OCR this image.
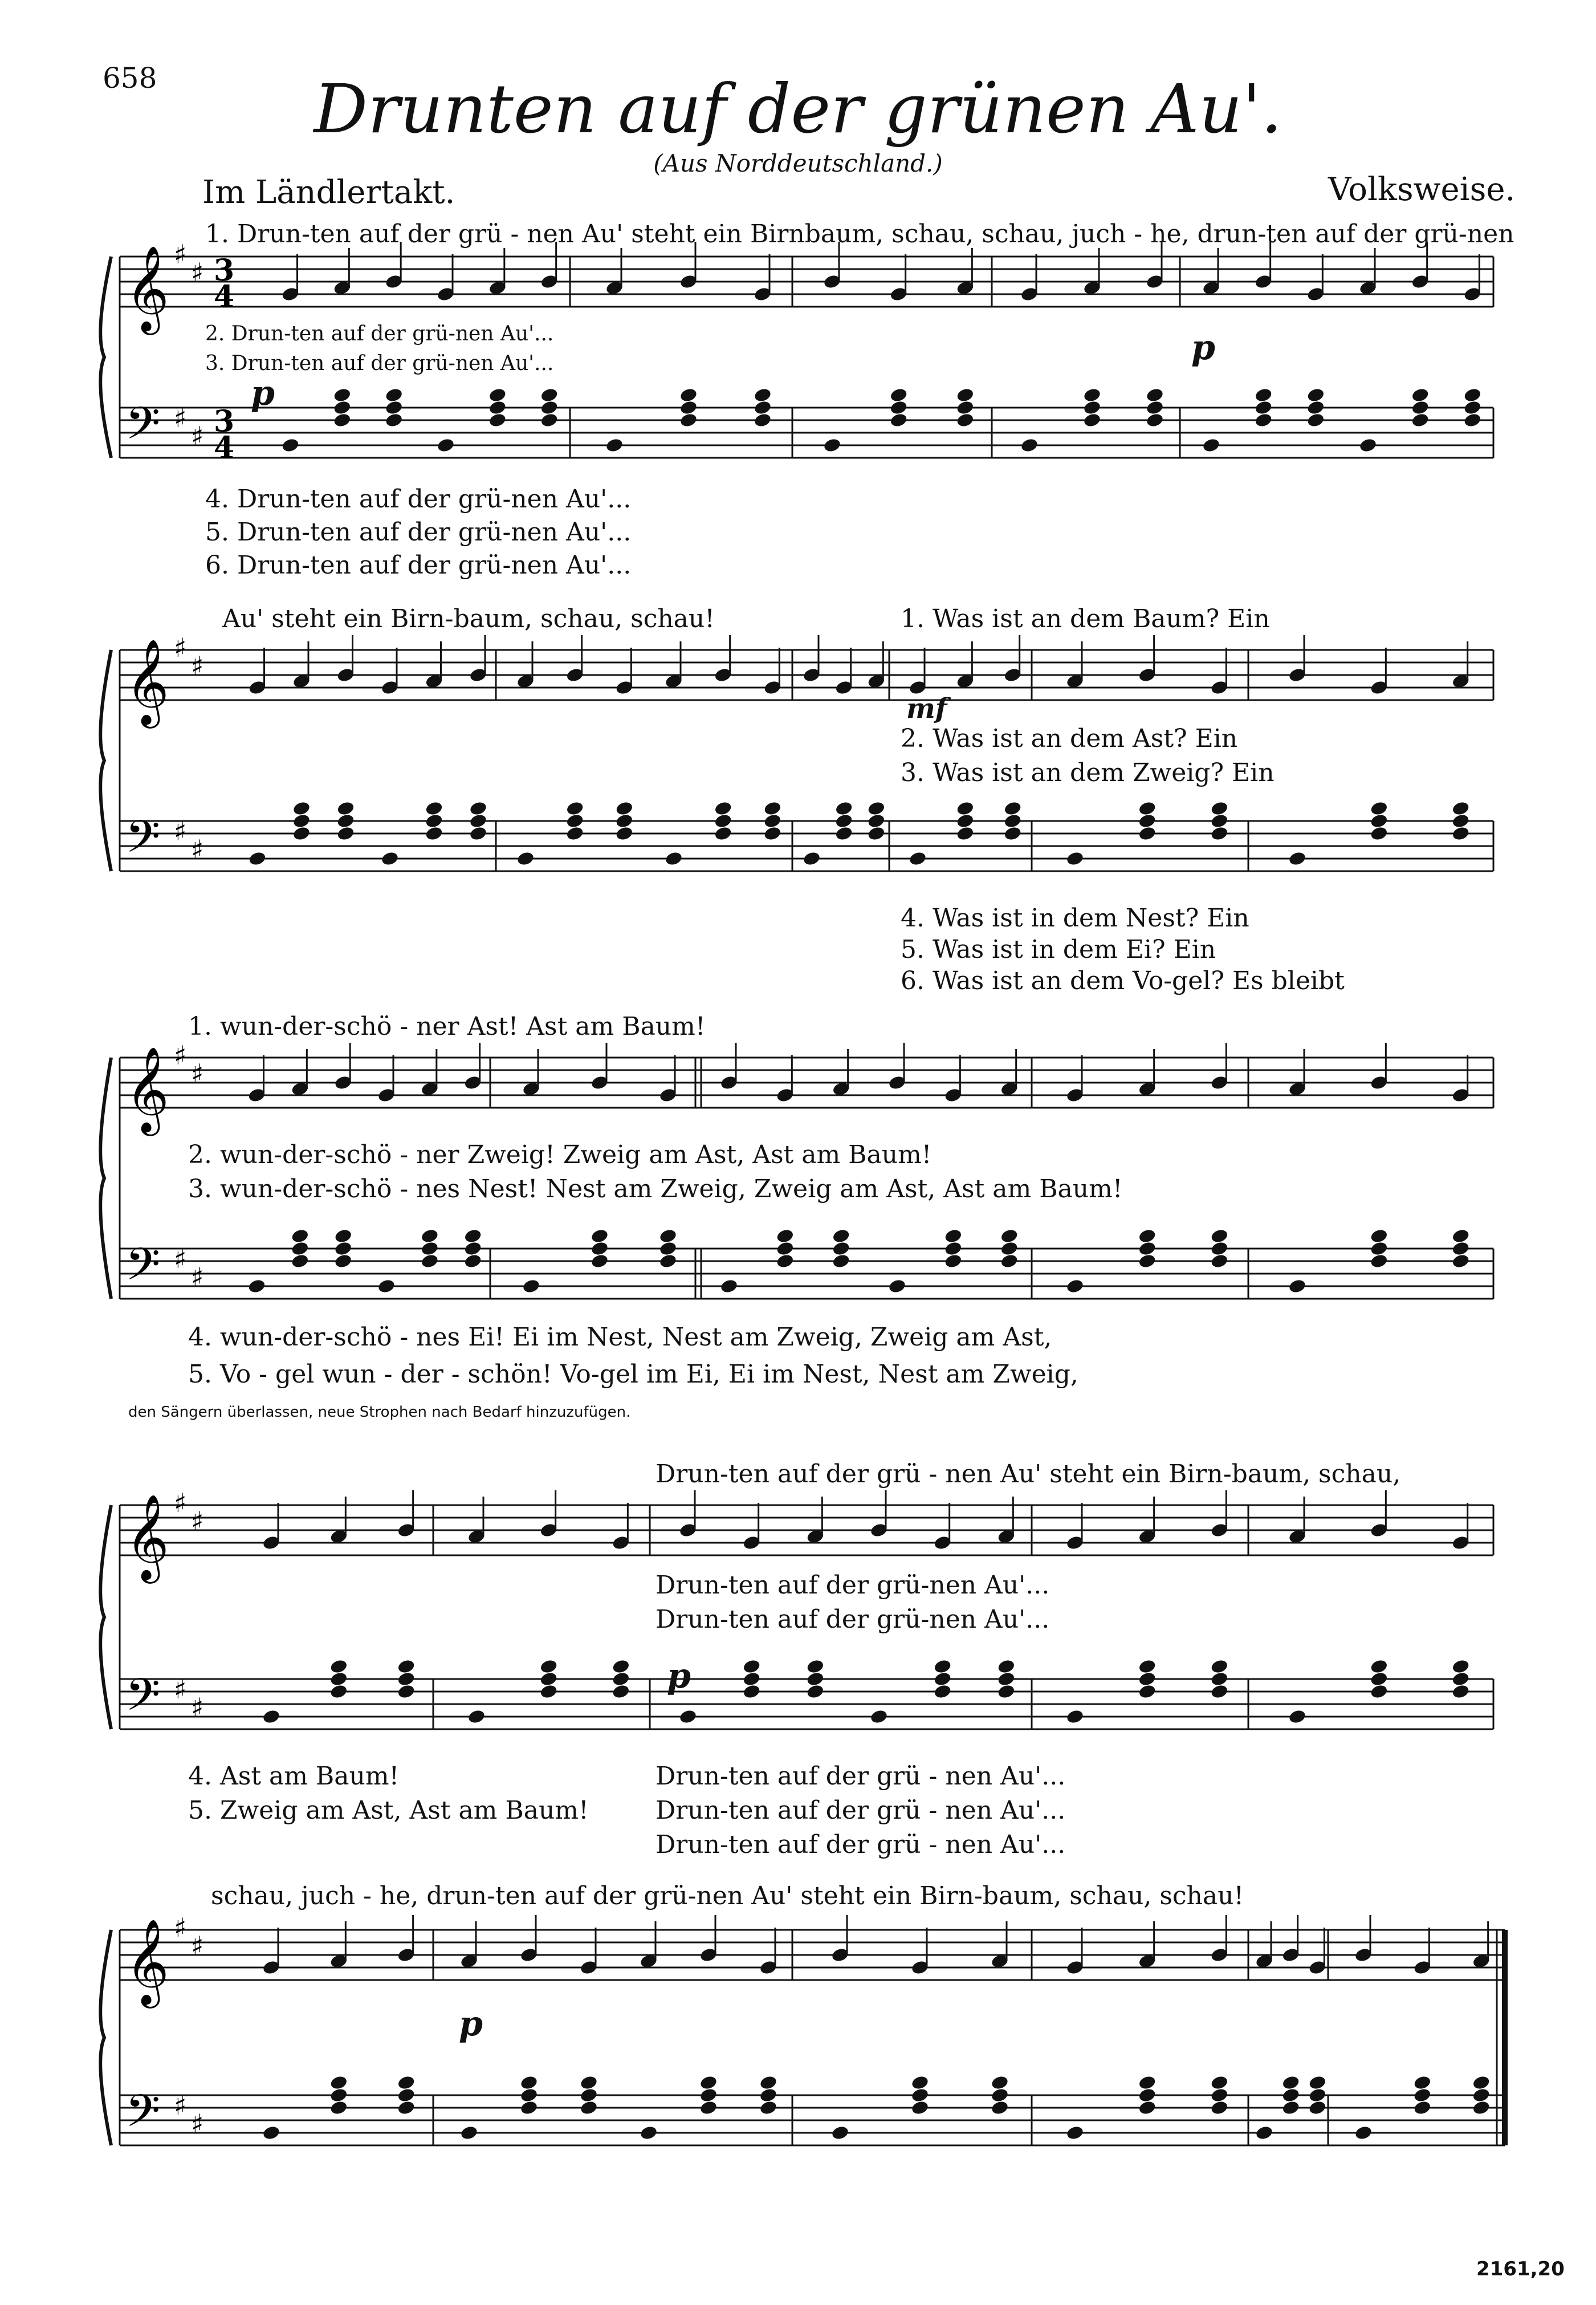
658	Drunten auf der grünen Au'.
(Aus Norddeutschland.)
Im Ländlertakt.	Volksweise.
𝄞
𝄢
♯
♯
♯
♯
3
4
3
4
𝄞
𝄢
♯
♯
♯
♯
𝄞
𝄢
♯
♯
♯
♯
𝄞
𝄢
♯
♯
♯
♯
𝄞
𝄢
♯
♯
♯
♯
1. Drun-ten auf der grü - nen Au' steht ein Birnbaum, schau, schau, juch - he, drun-ten auf der grü-nen
2. Drun-ten auf der grü-nen Au'...
3. Drun-ten auf der grü-nen Au'...
4. Drun-ten auf der grü-nen Au'...
5. Drun-ten auf der grü-nen Au'...
6. Drun-ten auf der grü-nen Au'...
p
p
Au' steht ein Birn-baum, schau, schau!	1. Was ist an dem Baum? Ein
2. Was ist an dem Ast? Ein
3. Was ist an dem Zweig? Ein
4. Was ist in dem Nest? Ein
5. Was ist in dem Ei? Ein
6. Was ist an dem Vo-gel? Es bleibt
mf
1. wun-der-schö - ner Ast! Ast am Baum!
2. wun-der-schö - ner Zweig! Zweig am Ast, Ast am Baum!
3. wun-der-schö - nes Nest! Nest am Zweig, Zweig am Ast, Ast am Baum!
4. wun-der-schö - nes Ei! Ei im Nest, Nest am Zweig, Zweig am Ast,
5. Vo - gel wun - der - schön! Vo-gel im Ei, Ei im Nest, Nest am Zweig,
den Sängern überlassen, neue Strophen nach Bedarf hinzuzufügen.
Drun-ten auf der grü - nen Au' steht ein Birn-baum, schau,
Drun-ten auf der grü-nen Au'...
Drun-ten auf der grü-nen Au'...
4. Ast am Baum!
5. Zweig am Ast, Ast am Baum!
Drun-ten auf der grü - nen Au'...
Drun-ten auf der grü - nen Au'...
Drun-ten auf der grü - nen Au'...
p
schau, juch - he, drun-ten auf der grü-nen Au' steht ein Birn-baum, schau, schau!
p
2161,20
